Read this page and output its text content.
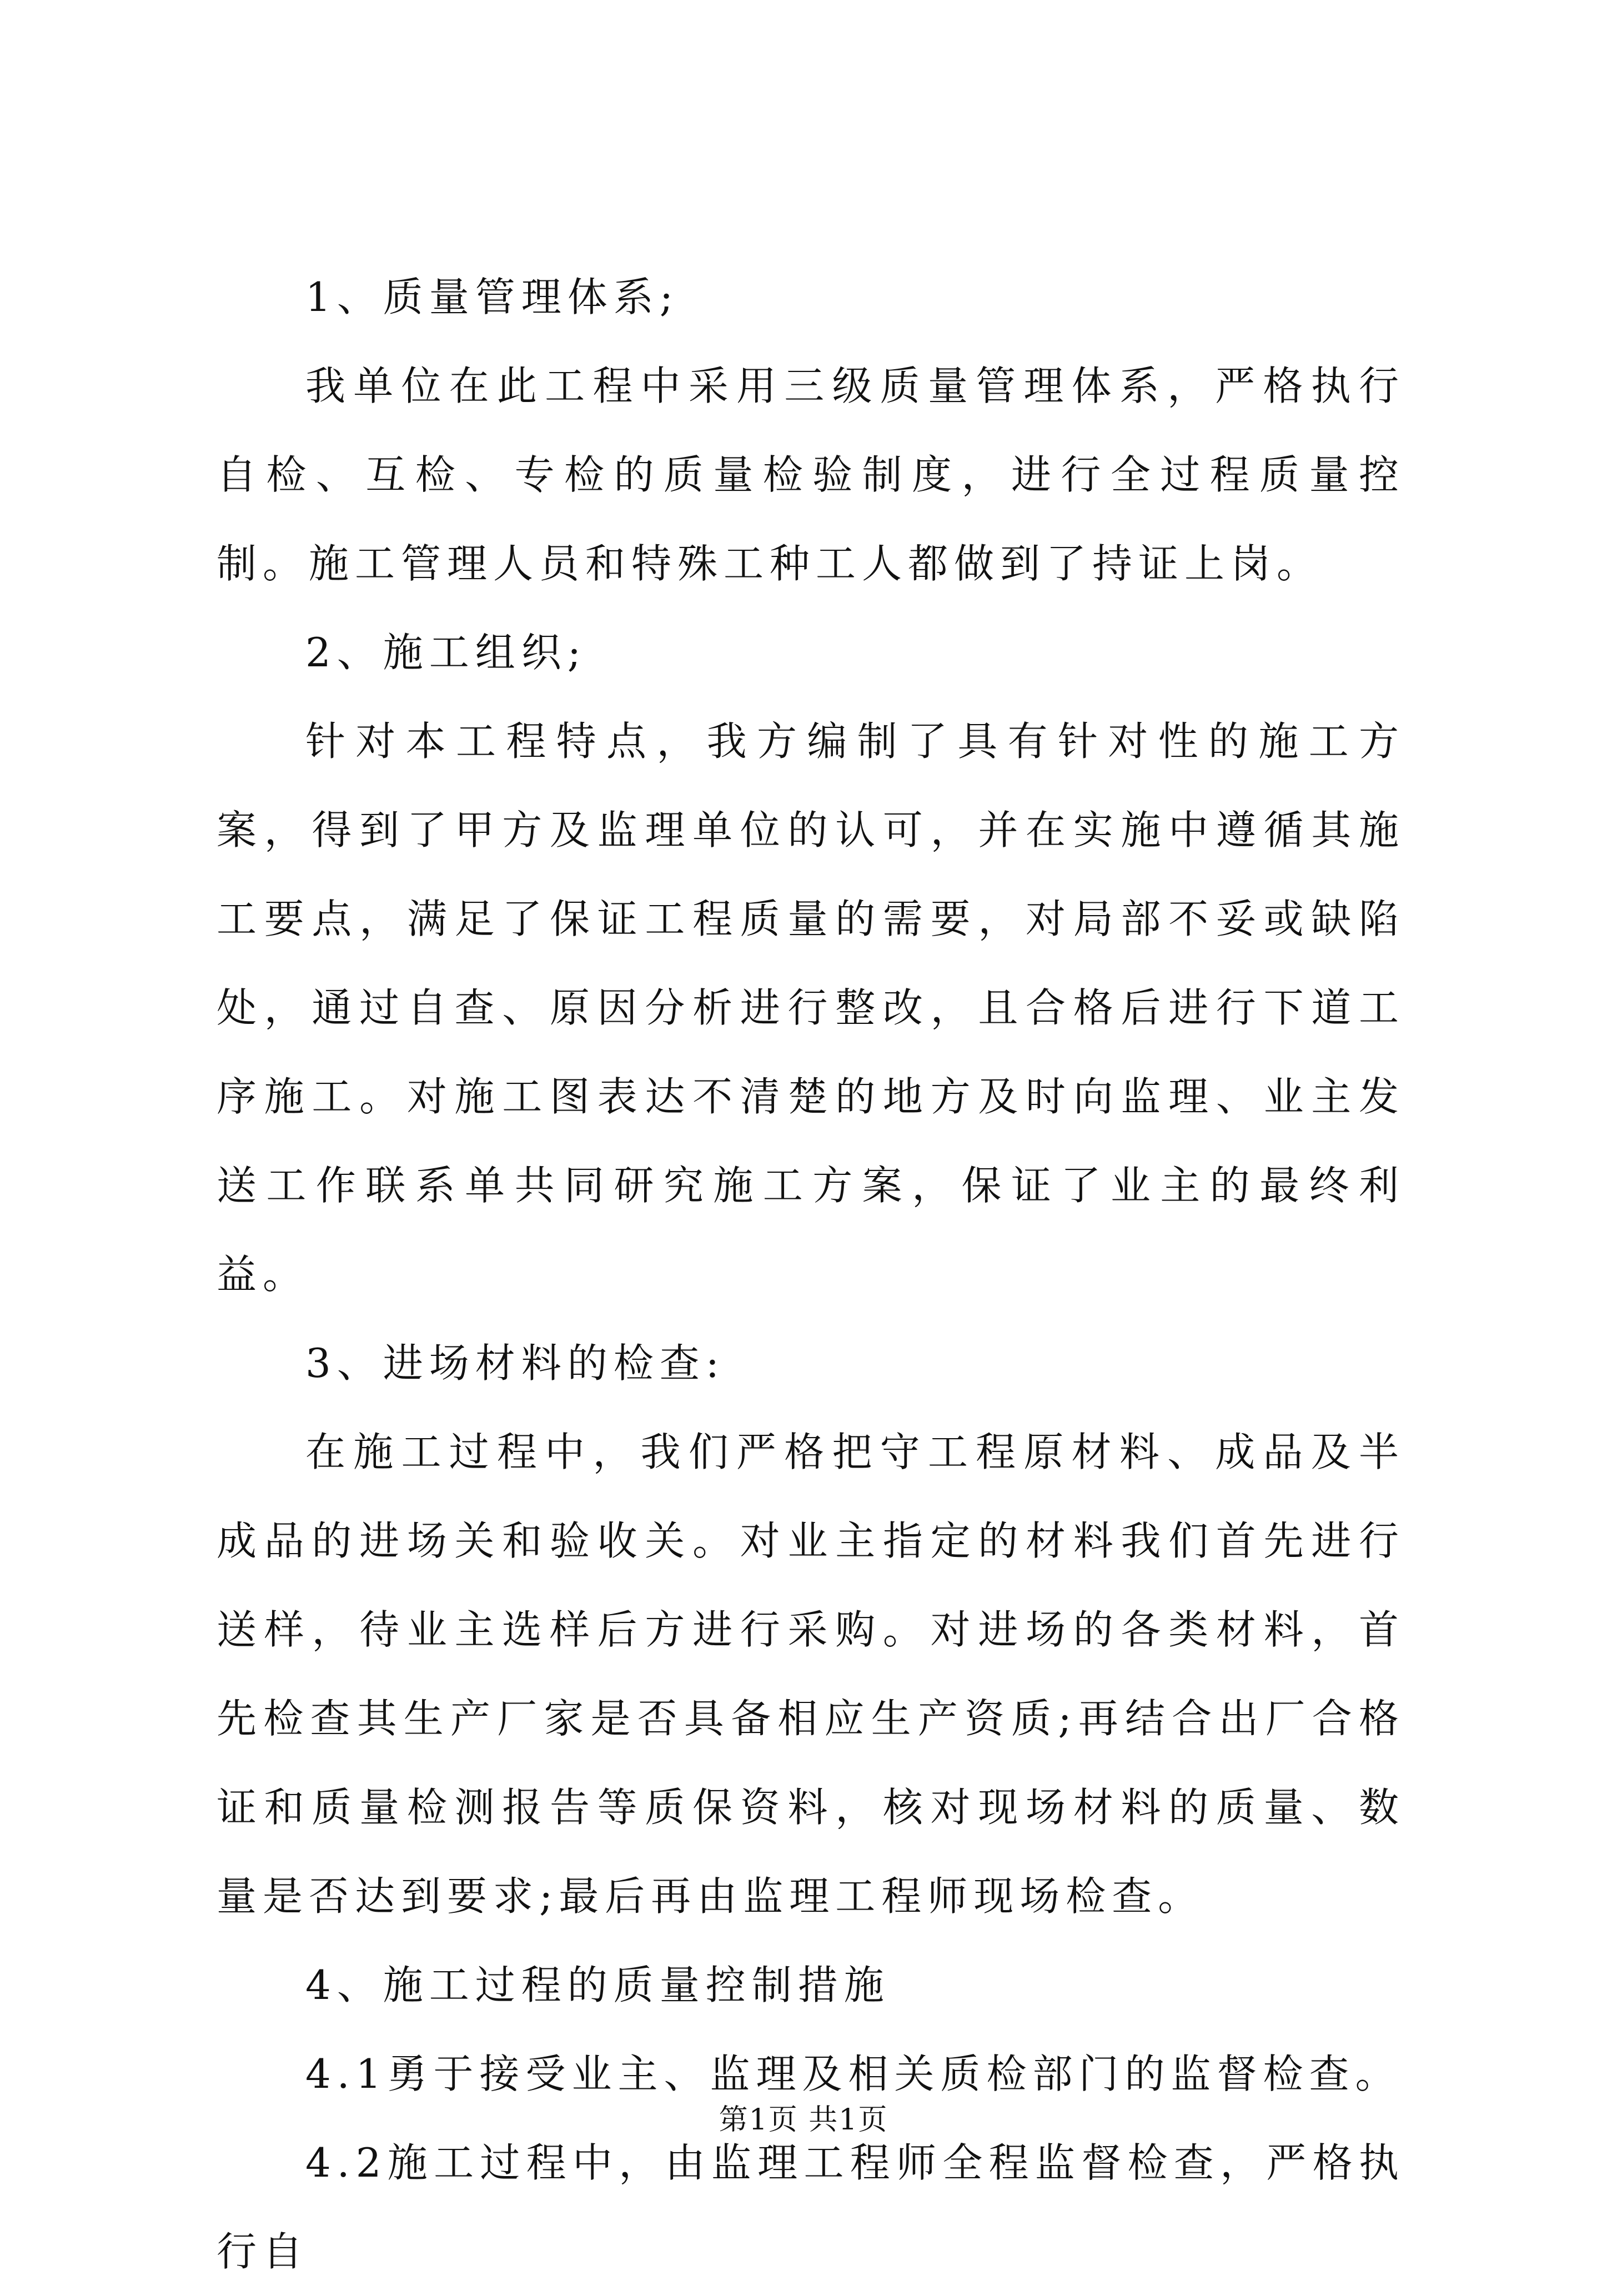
1、质量管理体系;

我单位在此工程中采用三级质量管理体系，严格执行自检、互检、专检的质量检验制度，进行全过程质量控制。施工管理人员和特殊工种工人都做到了持证上岗。

2、施工组织;

针对本工程特点，我方编制了具有针对性的施工方案，得到了甲方及监理单位的认可，并在实施中遵循其施工要点，满足了保证工程质量的需要，对局部不妥或缺陷处，通过自查、原因分析进行整改，且合格后进行下道工序施工。对施工图表达不清楚的地方及时向监理、业主发送工作联系单共同研究施工方案，保证了业主的最终利益。

3、进场材料的检查:

在施工过程中，我们严格把守工程原材料、成品及半成品的进场关和验收关。对业主指定的材料我们首先进行送样，待业主选样后方进行采购。对进场的各类材料，首先检查其生产厂家是否具备相应生产资质;再结合出厂合格证和质量检测报告等质保资料，核对现场材料的质量、数量是否达到要求;最后再由监理工程师现场检查。

4、施工过程的质量控制措施

4.1勇于接受业主、监理及相关质检部门的监督检查。

4.2施工过程中，由监理工程师全程监督检查，严格执行自

第1页 共1页
